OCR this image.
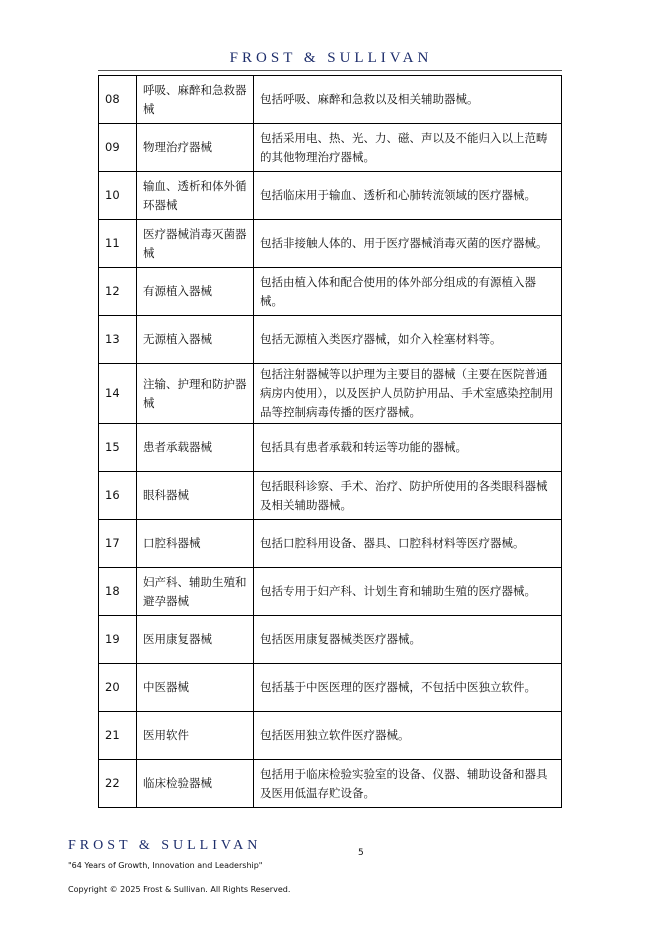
FROST & SULLIVAN
08	呼吸、麻醉和急救器械	包括呼吸、麻醉和急救以及相关辅助器械。
09	物理治疗器械	包括采用电、热、光、力、磁、声以及不能归入以上范畴的其他物理治疗器械。
10	输血、透析和体外循环器械	包括临床用于输血、透析和心肺转流领域的医疗器械。
11	医疗器械消毒灭菌器械	包括非接触人体的、用于医疗器械消毒灭菌的医疗器械。
12	有源植入器械	包括由植入体和配合使用的体外部分组成的有源植入器械。
13	无源植入器械	包括无源植入类医疗器械，如介入栓塞材料等。
14	注输、护理和防护器械	包括注射器械等以护理为主要目的器械（主要在医院普通病房内使用），以及医护人员防护用品、手术室感染控制用品等控制病毒传播的医疗器械。
15	患者承载器械	包括具有患者承载和转运等功能的器械。
16	眼科器械	包括眼科诊察、手术、治疗、防护所使用的各类眼科器械及相关辅助器械。
17	口腔科器械	包括口腔科用设备、器具、口腔科材料等医疗器械。
18	妇产科、辅助生殖和避孕器械	包括专用于妇产科、计划生育和辅助生殖的医疗器械。
19	医用康复器械	包括医用康复器械类医疗器械。
20	中医器械	包括基于中医医理的医疗器械，不包括中医独立软件。
21	医用软件	包括医用独立软件医疗器械。
22	临床检验器械	包括用于临床检验实验室的设备、仪器、辅助设备和器具及医用低温存贮设备。
FROST & SULLIVAN	5
"64 Years of Growth, Innovation and Leadership"
Copyright © 2025 Frost & Sullivan. All Rights Reserved.
